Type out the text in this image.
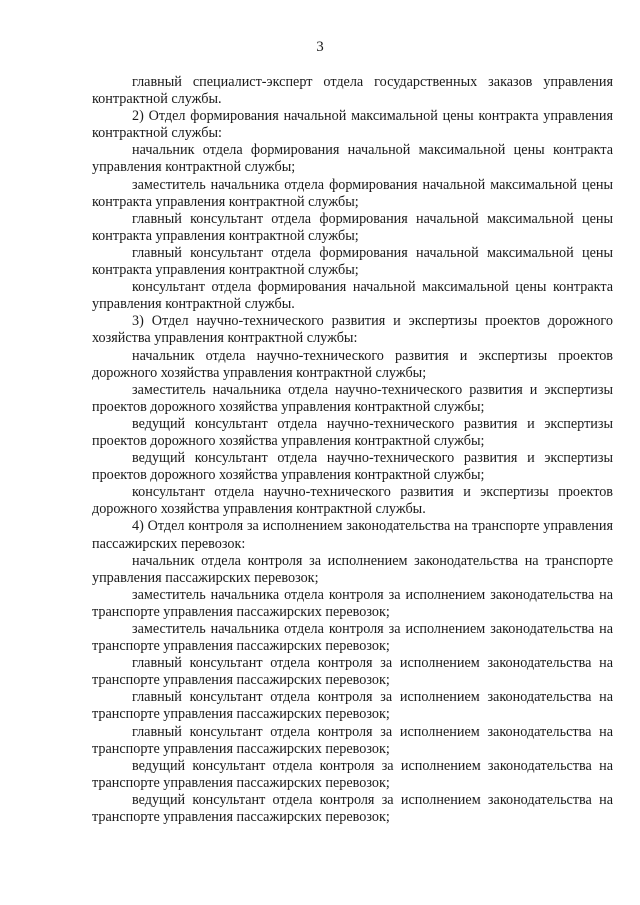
3

главный специалист-эксперт отдела государственных заказов управления контрактной службы.

2) Отдел формирования начальной максимальной цены контракта управления контрактной службы:

начальник отдела формирования начальной максимальной цены контракта управления контрактной службы;

заместитель начальника отдела формирования начальной максимальной цены контракта управления контрактной службы;

главный консультант отдела формирования начальной максимальной цены контракта управления контрактной службы;

главный консультант отдела формирования начальной максимальной цены контракта управления контрактной службы;

консультант отдела формирования начальной максимальной цены контракта управления контрактной службы.

3) Отдел научно-технического развития и экспертизы проектов дорожного хозяйства управления контрактной службы:

начальник отдела научно-технического развития и экспертизы проектов дорожного хозяйства управления контрактной службы;

заместитель начальника отдела научно-технического развития и экспертизы проектов дорожного хозяйства управления контрактной службы;

ведущий консультант отдела научно-технического развития и экспертизы проектов дорожного хозяйства управления контрактной службы;

ведущий консультант отдела научно-технического развития и экспертизы проектов дорожного хозяйства управления контрактной службы;

консультант отдела научно-технического развития и экспертизы проектов дорожного хозяйства управления контрактной службы.

4) Отдел контроля за исполнением законодательства на транспорте управления пассажирских перевозок:

начальник отдела контроля за исполнением законодательства на транспорте управления пассажирских перевозок;

заместитель начальника отдела контроля за исполнением законодательства на транспорте управления пассажирских перевозок;

заместитель начальника отдела контроля за исполнением законодательства на транспорте управления пассажирских перевозок;

главный консультант отдела контроля за исполнением законодательства на транспорте управления пассажирских перевозок;

главный консультант отдела контроля за исполнением законодательства на транспорте управления пассажирских перевозок;

главный консультант отдела контроля за исполнением законодательства на транспорте управления пассажирских перевозок;

ведущий консультант отдела контроля за исполнением законодательства на транспорте управления пассажирских перевозок;

ведущий консультант отдела контроля за исполнением законодательства на транспорте управления пассажирских перевозок;
